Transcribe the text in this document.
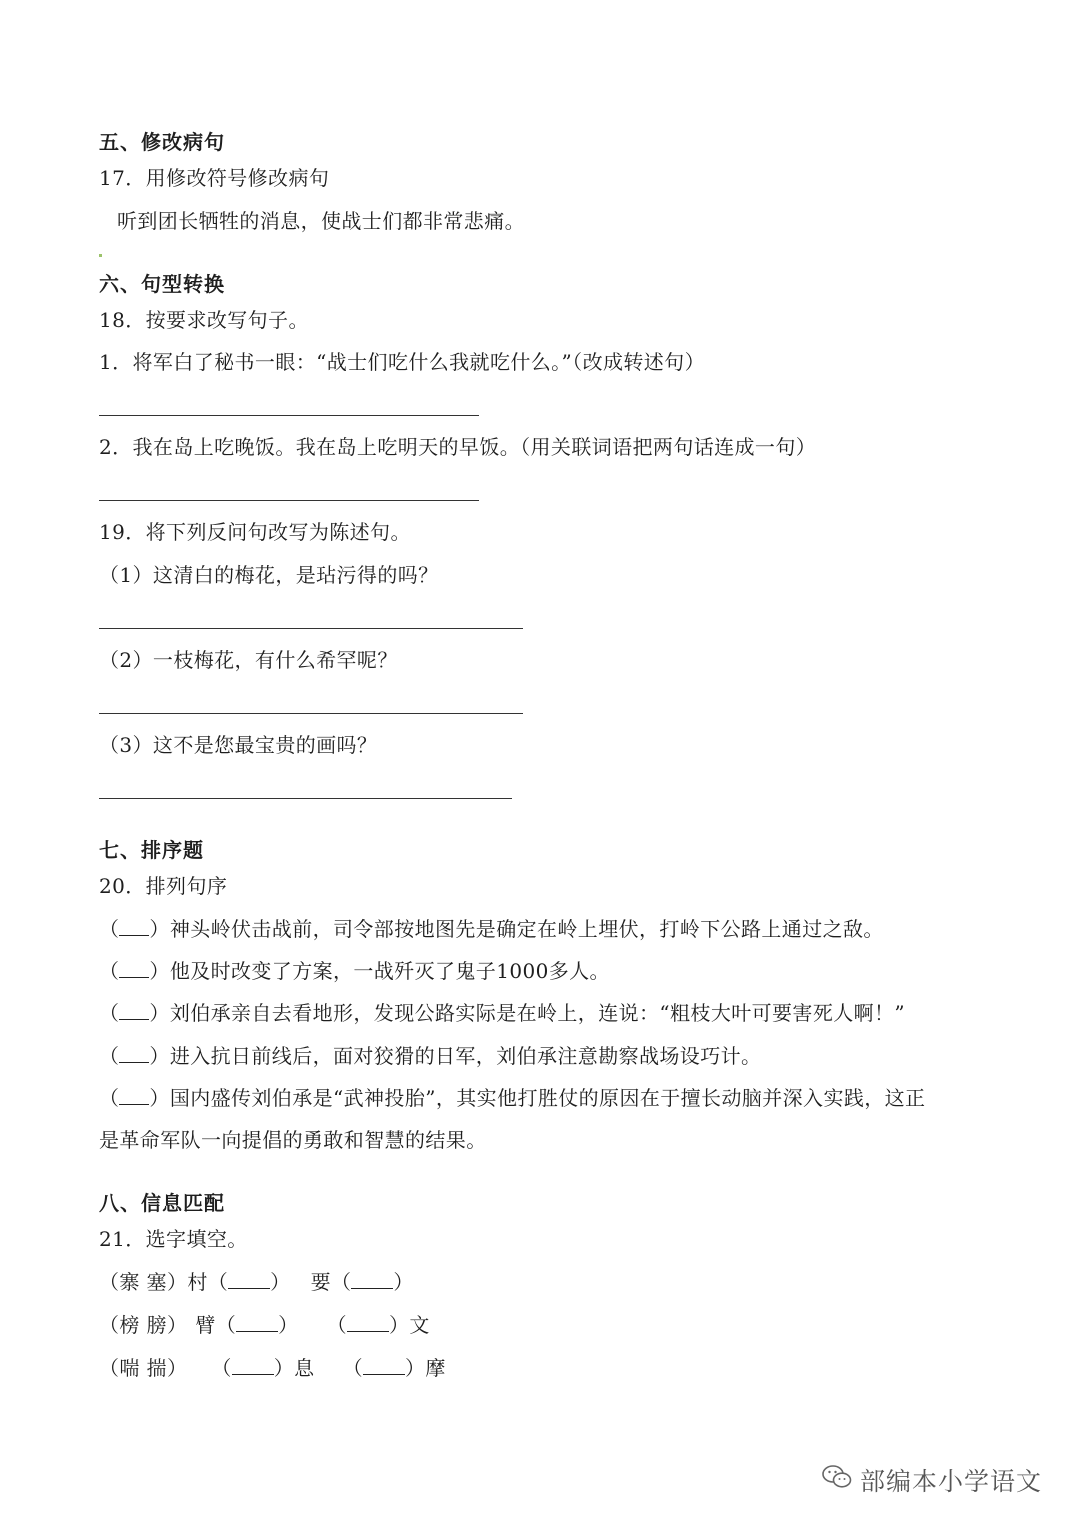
五、修改病句
17．用修改符号修改病句
听到团长牺牲的消息，使战士们都非常悲痛。
六、句型转换
18．按要求改写句子。
1．将军白了秘书一眼：“战士们吃什么我就吃什么。”（改成转述句）
2．我在岛上吃晚饭。我在岛上吃明天的早饭。（用关联词语把两句话连成一句）
19．将下列反问句改写为陈述句。
（1）这清白的梅花，是玷污得的吗？
（2）一枝梅花，有什么希罕呢？
（3）这不是您最宝贵的画吗？
七、排序题
20．排列句序
（ ）神头岭伏击战前，司令部按地图先是确定在岭上埋伏，打岭下公路上通过之敌。
（ ）他及时改变了方案，一战歼灭了鬼子1000多人。
（ ）刘伯承亲自去看地形，发现公路实际是在岭上，连说：“粗枝大叶可要害死人啊！”
（ ）进入抗日前线后，面对狡猾的日军，刘伯承注意勘察战场设巧计。
（ ）国内盛传刘伯承是“武神投胎”，其实他打胜仗的原因在于擅长动脑并深入实践，这正
是革命军队一向提倡的勇敢和智慧的结果。
八、信息匹配
21．选字填空。
（寨 塞）村（ ） 要（ ）
（榜 膀） 臂（ ） （ ）文
（喘 揣） （ ）息 （ ）摩
部编本小学语文
